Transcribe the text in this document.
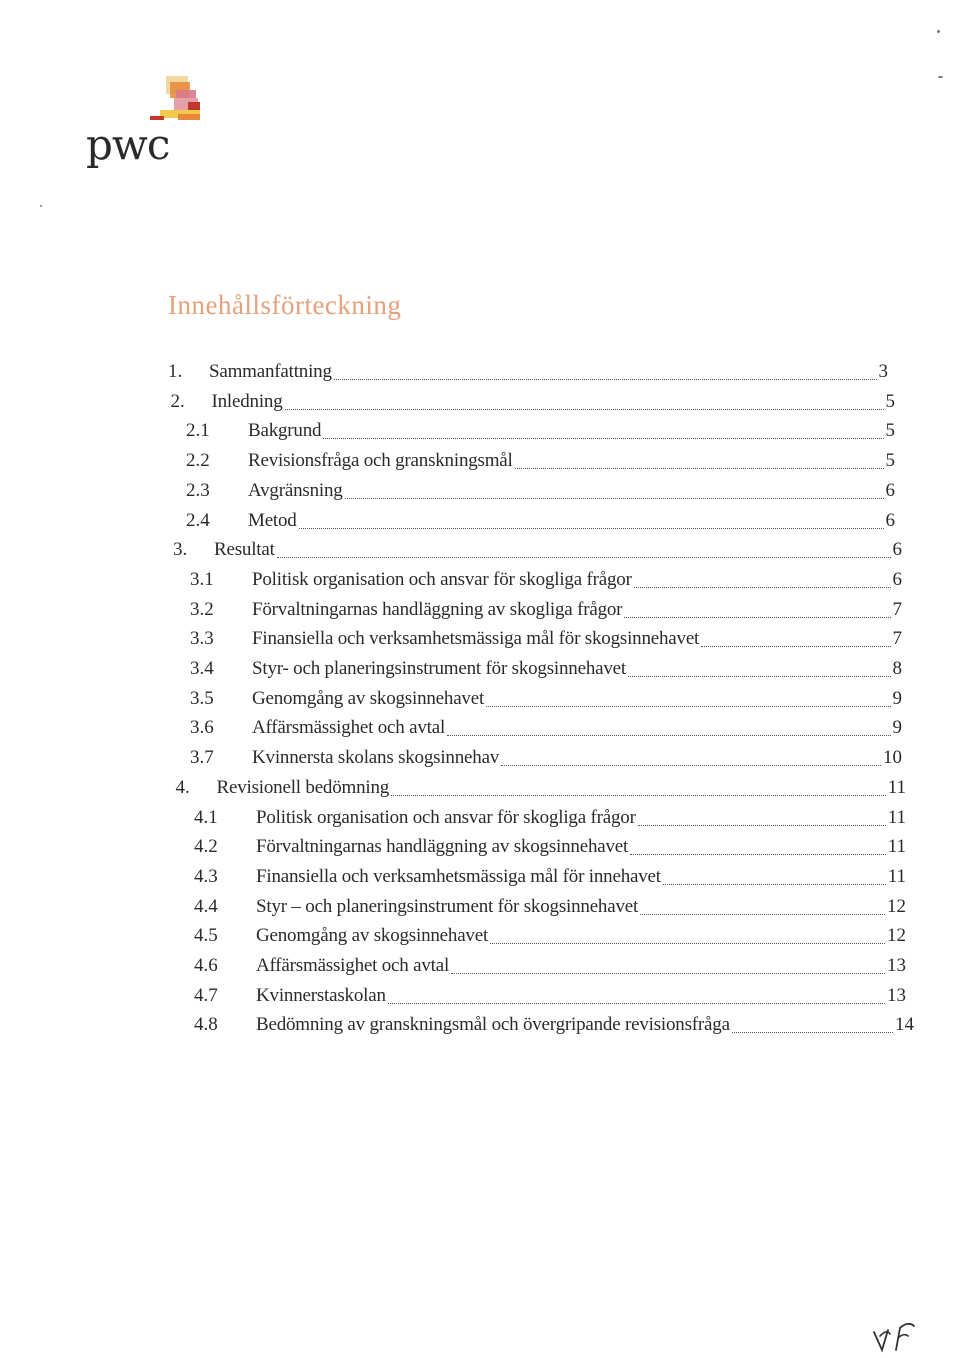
pwc
Innehållsförteckning
1.	Sammanfattning	3
2.	Inledning	5
2.1	Bakgrund	5
2.2	Revisionsfråga och granskningsmål	5
2.3	Avgränsning	6
2.4	Metod	6
3.	Resultat	6
3.1	Politisk organisation och ansvar för skogliga frågor	6
3.2	Förvaltningarnas handläggning av skogliga frågor	7
3.3	Finansiella och verksamhetsmässiga mål för skogsinnehavet	7
3.4	Styr- och planeringsinstrument för skogsinnehavet	8
3.5	Genomgång av skogsinnehavet	9
3.6	Affärsmässighet och avtal	9
3.7	Kvinnersta skolans skogsinnehav	10
4.	Revisionell bedömning	11
4.1	Politisk organisation och ansvar för skogliga frågor	11
4.2	Förvaltningarnas handläggning av skogsinnehavet	11
4.3	Finansiella och verksamhetsmässiga mål för innehavet	11
4.4	Styr – och planeringsinstrument för skogsinnehavet	12
4.5	Genomgång av skogsinnehavet	12
4.6	Affärsmässighet och avtal	13
4.7	Kvinnerstaskolan	13
4.8	Bedömning av granskningsmål och övergripande revisionsfråga	14
